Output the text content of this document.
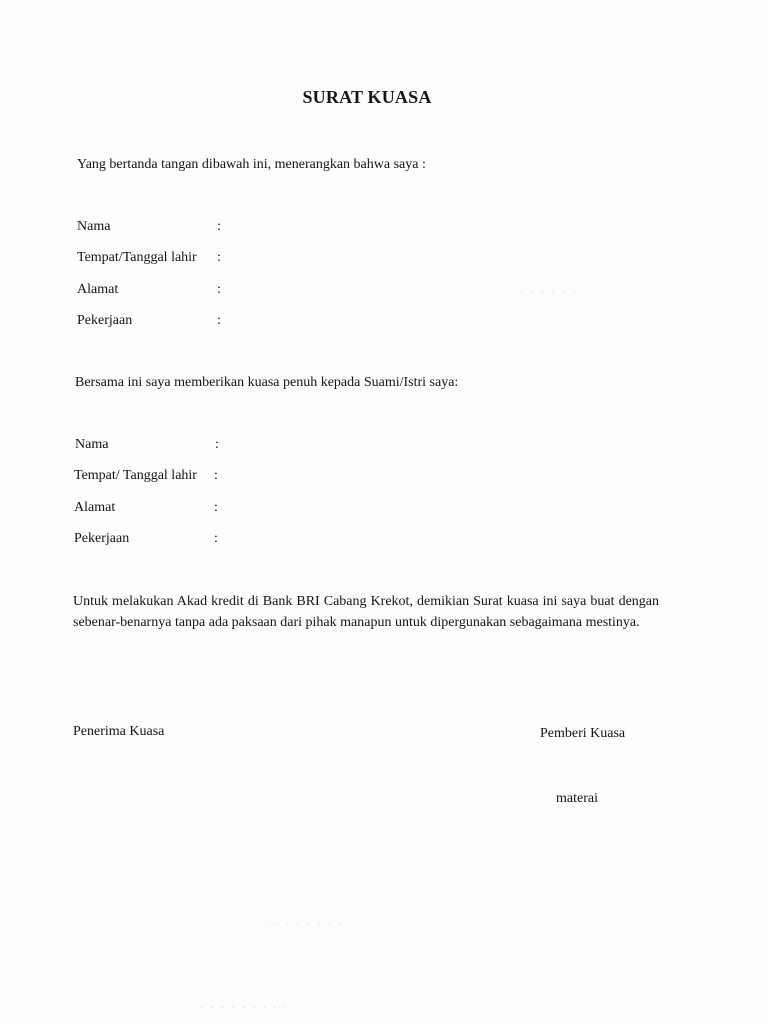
· · · · · ·
· · · · · · · ·
· · · · · · · · ·
SURAT KUASA
Yang bertanda tangan dibawah ini, menerangkan bahwa saya :
Nama	:
Tempat/Tanggal lahir :
Alamat	:
Pekerjaan	:
Bersama ini saya memberikan kuasa penuh kepada Suami/Istri saya:
Nama	:
Tempat/ Tanggal lahir :
Alamat	:
Pekerjaan	:
Untuk melakukan Akad kredit di Bank BRI Cabang Krekot, demikian Surat kuasa ini saya buat dengan sebenar-benarnya tanpa ada paksaan dari pihak manapun untuk dipergunakan sebagaimana mestinya.
Penerima Kuasa	Pemberi Kuasa
materai
